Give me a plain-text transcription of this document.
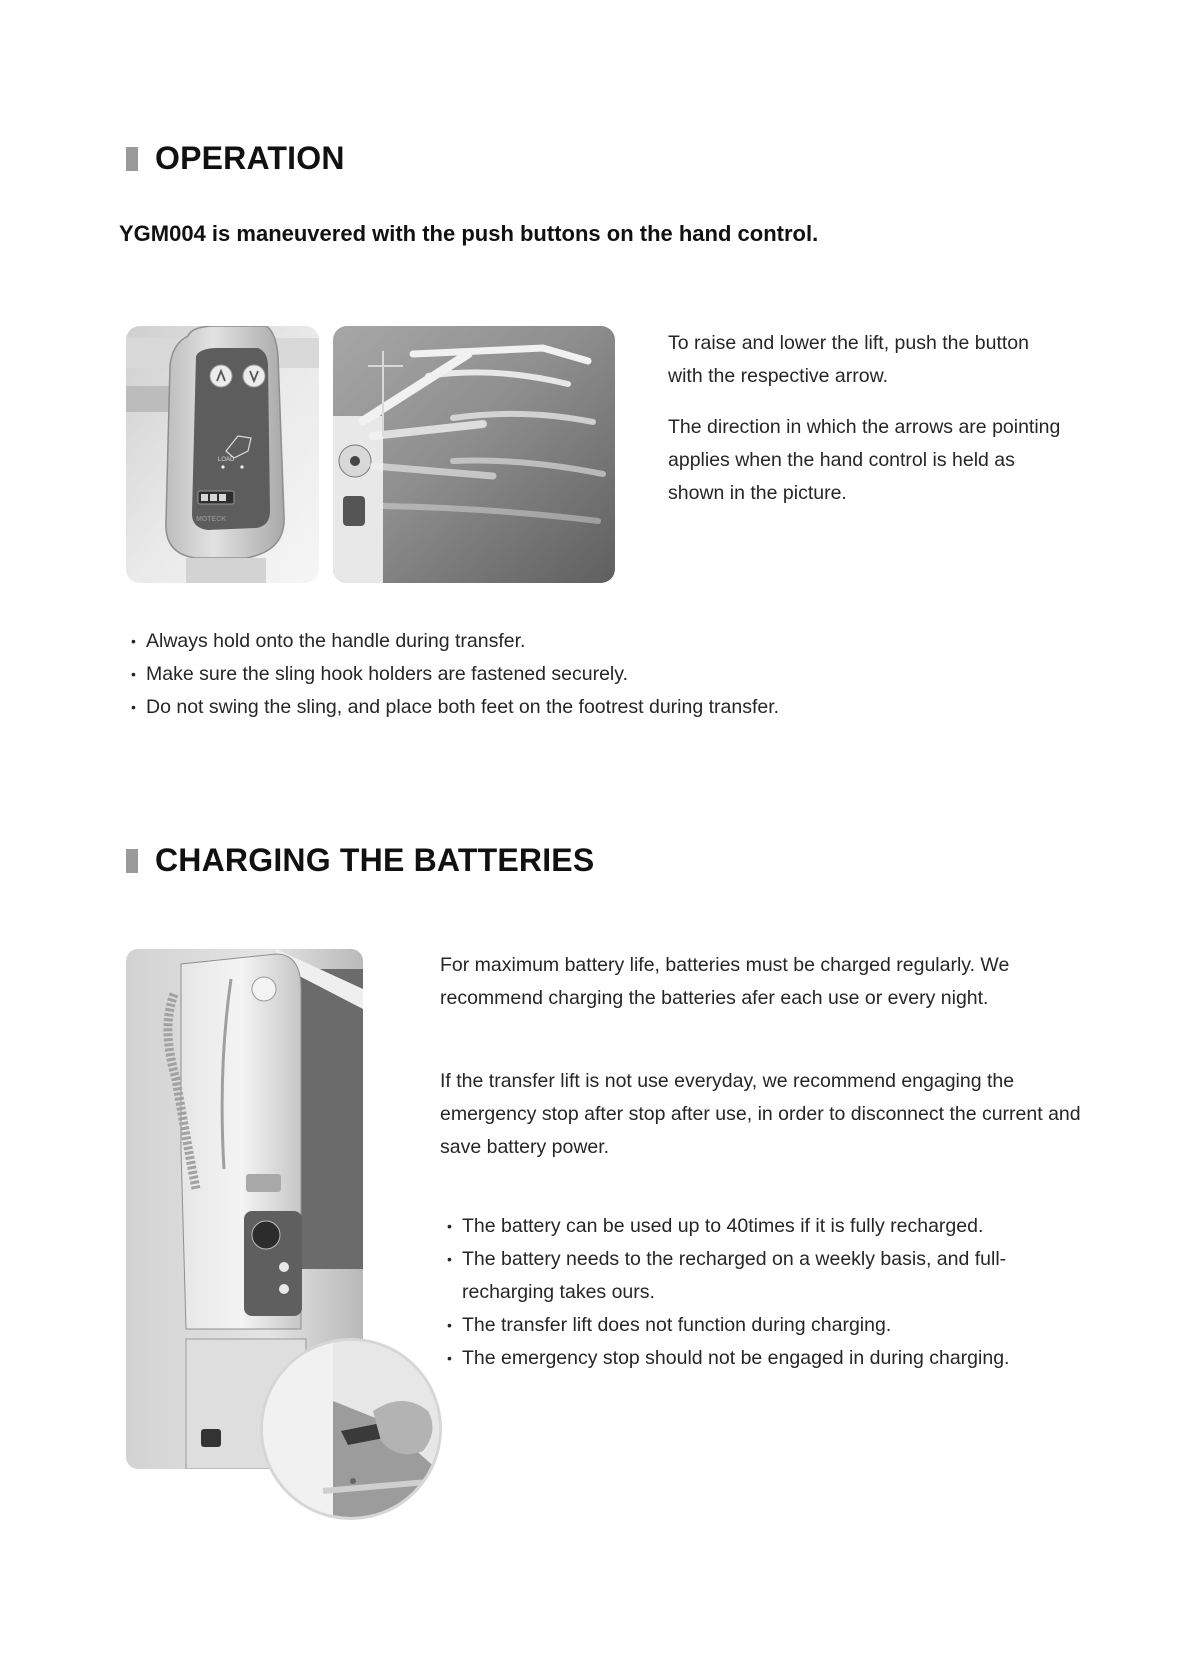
OPERATION
YGM004 is maneuvered with the push buttons on the hand control.
LOAD
MOTECK

To raise and lower the lift, push the button with the respective arrow.

The direction in which the arrows are pointing applies when the hand control is held as shown in the picture.

• Always hold onto the handle during transfer.
• Make sure the sling hook holders are fastened securely.
• Do not swing the sling, and place both feet on the footrest during transfer.
CHARGING THE BATTERIES

For maximum battery life, batteries must be charged regularly. We recommend charging the batteries afer each use or every night.

If the transfer lift is not use everyday, we recommend engaging the emergency stop after stop after use, in order to disconnect the current and save battery power.

• The battery can be used up to 40times if it is fully recharged.
• The battery needs to the recharged on a weekly basis, and full-recharging takes ours.
• The transfer lift does not function during charging.
• The emergency stop should not be engaged in during charging.
